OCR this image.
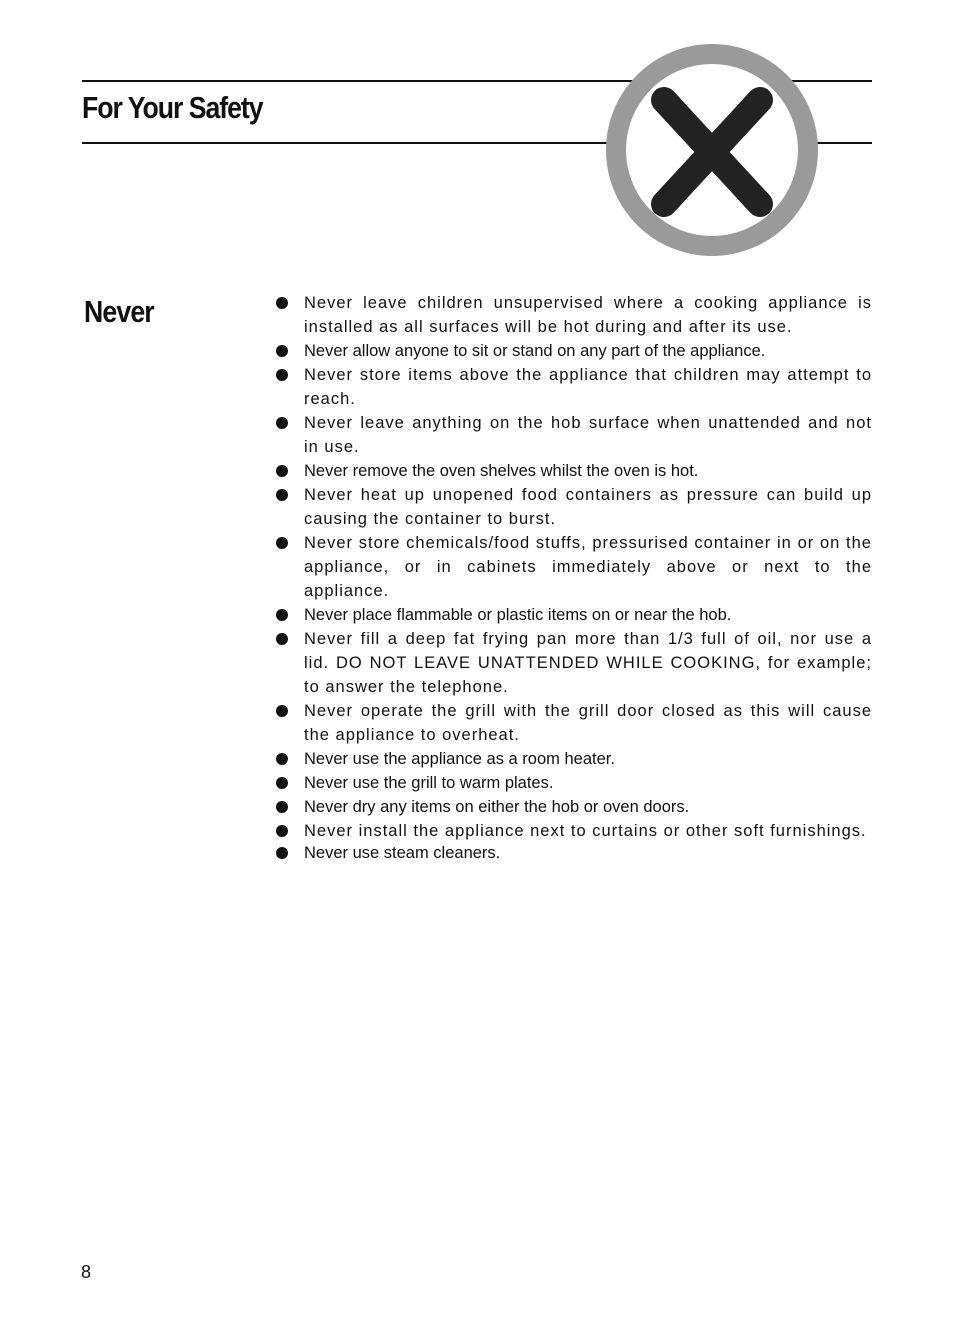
For Your Safety
Never	Never leave children unsupervised where a cooking appliance is installed as all surfaces will be hot during and after its use.
Never allow anyone to sit or stand on any part of the appliance.
Never store items above the appliance that children may attempt to reach.
Never leave anything on the hob surface when unattended and not in use.
Never remove the oven shelves whilst the oven is hot.
Never heat up unopened food containers as pressure can build up causing the container to burst.
Never store chemicals/food stuffs, pressurised container in or on the appliance, or in cabinets immediately above or next to the appliance.
Never place flammable or plastic items on or near the hob.
Never fill a deep fat frying pan more than 1/3 full of oil, nor use a lid. DO NOT LEAVE UNATTENDED WHILE COOKING, for example; to answer the telephone.
Never operate the grill with the grill door closed as this will cause the appliance to overheat.
Never use the appliance as a room heater.
Never use the grill to warm plates.
Never dry any items on either the hob or oven doors.
Never install the appliance next to curtains or other soft furnishings.
Never use steam cleaners.
8
